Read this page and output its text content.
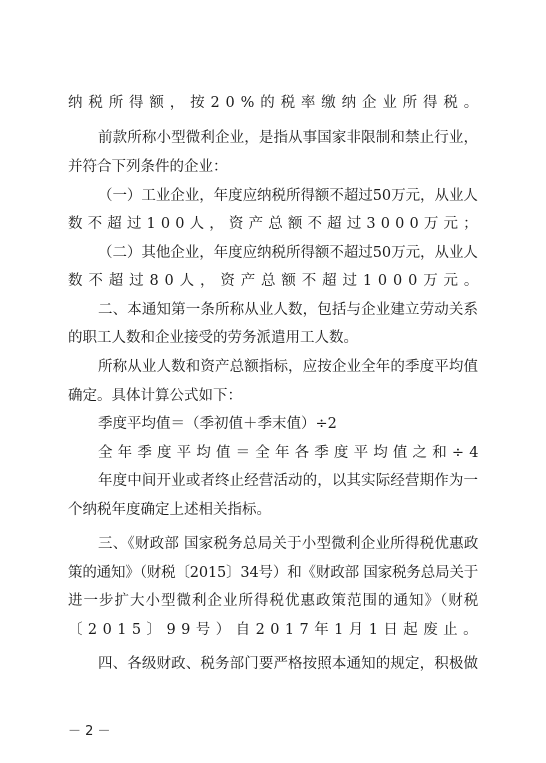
纳税所得额，按20%的税率缴纳企业所得税。
前款所称小型微利企业，是指从事国家非限制和禁止行业，
并符合下列条件的企业：
（一）工业企业，年度应纳税所得额不超过50万元，从业人
数不超过100人，资产总额不超过3000万元；
（二）其他企业，年度应纳税所得额不超过50万元，从业人
数不超过80人，资产总额不超过1000万元。
二、本通知第一条所称从业人数，包括与企业建立劳动关系
的职工人数和企业接受的劳务派遣用工人数。
所称从业人数和资产总额指标，应按企业全年的季度平均值
确定。具体计算公式如下：
季度平均值＝（季初值＋季末值）÷2
全年季度平均值＝全年各季度平均值之和÷4
年度中间开业或者终止经营活动的，以其实际经营期作为一
个纳税年度确定上述相关指标。
三、《财政部 国家税务总局关于小型微利企业所得税优惠政
策的通知》（财税〔2015〕34号）和《财政部 国家税务总局关于
进一步扩大小型微利企业所得税优惠政策范围的通知》（财税
〔2015〕99号）自2017年1月1日起废止。
四、各级财政、税务部门要严格按照本通知的规定，积极做
－ 2 －
